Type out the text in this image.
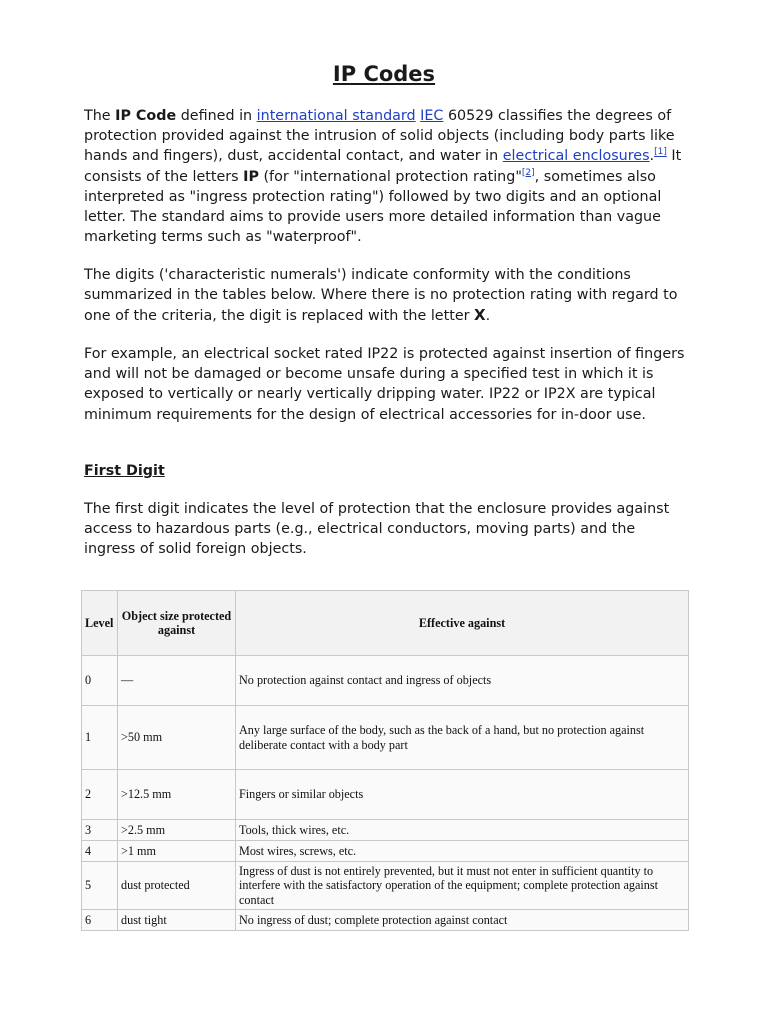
IP Codes

The IP Code defined in international standard IEC 60529 classifies the degrees of protection provided against the intrusion of solid objects (including body parts like hands and fingers), dust, accidental contact, and water in electrical enclosures.[1] It consists of the letters IP (for "international protection rating"[2], sometimes also interpreted as "ingress protection rating") followed by two digits and an optional letter. The standard aims to provide users more detailed information than vague marketing terms such as "waterproof".

The digits ('characteristic numerals') indicate conformity with the conditions summarized in the tables below. Where there is no protection rating with regard to one of the criteria, the digit is replaced with the letter X.

For example, an electrical socket rated IP22 is protected against insertion of fingers and will not be damaged or become unsafe during a specified test in which it is exposed to vertically or nearly vertically dripping water. IP22 or IP2X are typical minimum requirements for the design of electrical accessories for in-door use.

First Digit

The first digit indicates the level of protection that the enclosure provides against access to hazardous parts (e.g., electrical conductors, moving parts) and the ingress of solid foreign objects.

Level	Object size protected against	Effective against
0	—	No protection against contact and ingress of objects
1	>50 mm	Any large surface of the body, such as the back of a hand, but no protection against deliberate contact with a body part
2	>12.5 mm	Fingers or similar objects
3	>2.5 mm	Tools, thick wires, etc.
4	>1 mm	Most wires, screws, etc.
5	dust protected	Ingress of dust is not entirely prevented, but it must not enter in sufficient quantity to interfere with the satisfactory operation of the equipment; complete protection against contact
6	dust tight	No ingress of dust; complete protection against contact
